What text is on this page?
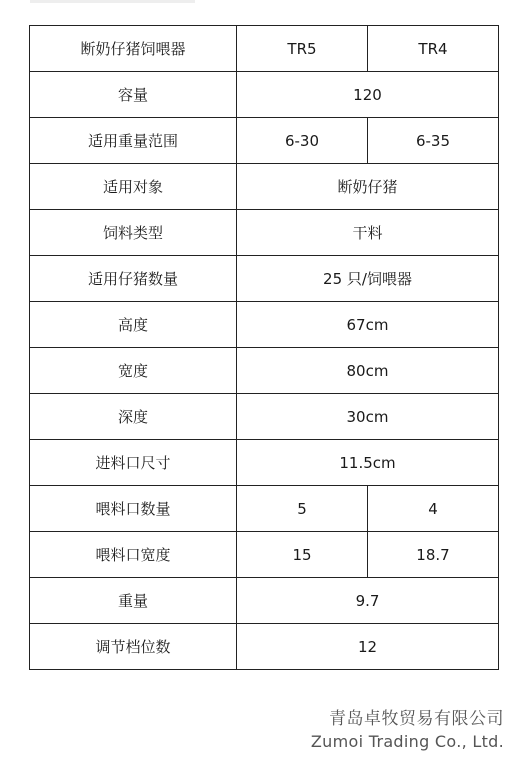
断奶仔猪饲喂器	TR5	TR4
容量	120	
适用重量范围	6-30	6-35
适用对象	断奶仔猪	
饲料类型	干料	
适用仔猪数量	25 只/饲喂器	
高度	67cm	
宽度	80cm	
深度	30cm	
进料口尺寸	11.5cm	
喂料口数量	5	4
喂料口宽度	15	18.7
重量	9.7	
调节档位数	12	
青岛卓牧贸易有限公司
Zumoi Trading Co., Ltd.
